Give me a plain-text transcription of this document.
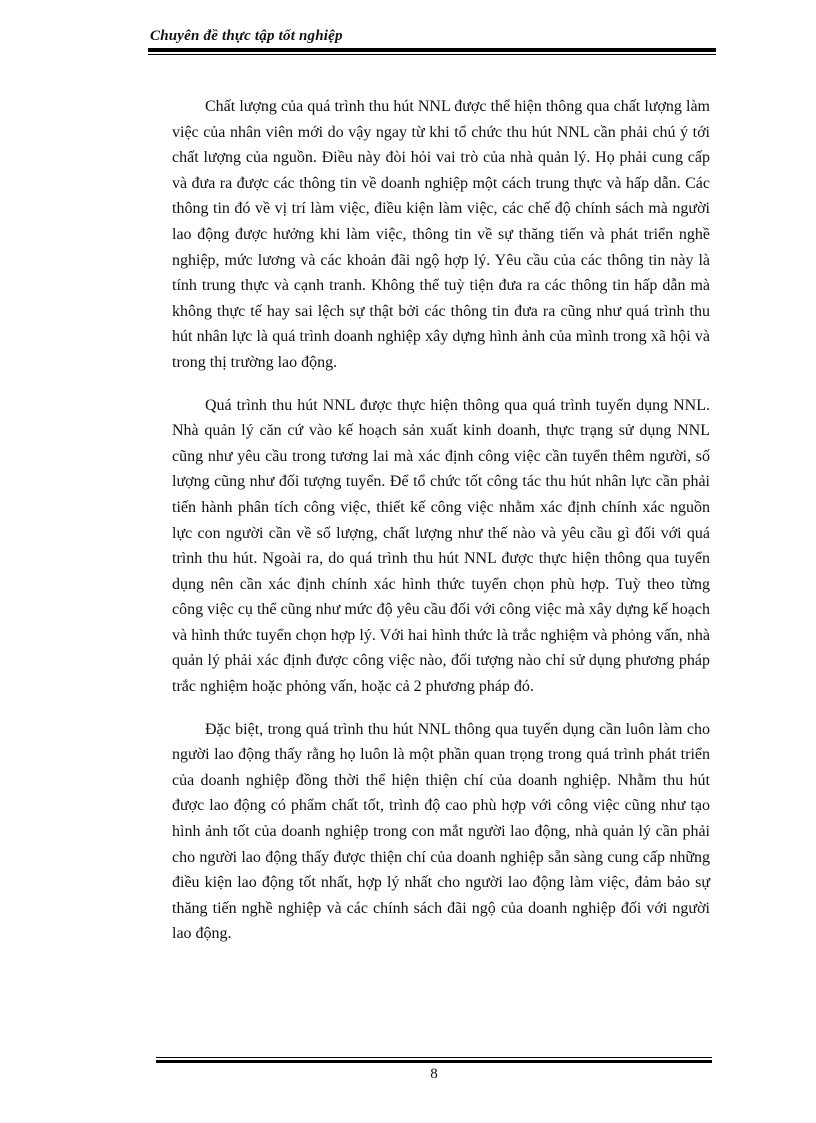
Chuyên đề thực tập tốt nghiệp

Chất lượng của quá trình thu hút NNL được thể hiện thông qua chất lượng làm việc của nhân viên mới do vậy ngay từ khi tổ chức thu hút NNL cần phải chú ý tới chất lượng của nguồn. Điều này đòi hỏi vai trò của nhà quản lý. Họ phải cung cấp và đưa ra được các thông tin về doanh nghiệp một cách trung thực và hấp dẫn. Các thông tin đó về vị trí làm việc, điều kiện làm việc, các chế độ chính sách mà người lao động được hưởng khi làm việc, thông tin về sự thăng tiến và phát triển nghề nghiệp, mức lương và các khoản đãi ngộ hợp lý. Yêu cầu của các thông tin này là tính trung thực và cạnh tranh. Không thể tuỳ tiện đưa ra các thông tin hấp dẫn mà không thực tế hay sai lệch sự thật bởi các thông tin đưa ra cũng như quá trình thu hút nhân lực là quá trình doanh nghiệp xây dựng hình ảnh của mình trong xã hội và trong thị trường lao động.

Quá trình thu hút NNL được thực hiện thông qua quá trình tuyển dụng NNL. Nhà quản lý căn cứ vào kế hoạch sản xuất kinh doanh, thực trạng sử dụng NNL cũng như yêu cầu trong tương lai mà xác định công việc cần tuyển thêm người, số lượng cũng như đối tượng tuyển. Để tổ chức tốt công tác thu hút nhân lực cần phải tiến hành phân tích công việc, thiết kế công việc nhằm xác định chính xác nguồn lực con người cần về số lượng, chất lượng như thế nào và yêu cầu gì đối với quá trình thu hút. Ngoài ra, do quá trình thu hút NNL được thực hiện thông qua tuyển dụng nên cần xác định chính xác hình thức tuyển chọn phù hợp. Tuỳ theo từng công việc cụ thể cũng như mức độ yêu cầu đối với công việc mà xây dựng kế hoạch và hình thức tuyển chọn hợp lý. Với hai hình thức là trắc nghiệm và phỏng vấn, nhà quản lý phải xác định được công việc nào, đối tượng nào chỉ sử dụng phương pháp trắc nghiệm hoặc phỏng vấn, hoặc cả 2 phương pháp đó.

Đặc biệt, trong quá trình thu hút NNL thông qua tuyển dụng cần luôn làm cho người lao động thấy rằng họ luôn là một phần quan trọng trong quá trình phát triển của doanh nghiệp đồng thời thể hiện thiện chí của doanh nghiệp. Nhằm thu hút được lao động có phẩm chất tốt, trình độ cao phù hợp với công việc cũng như tạo hình ảnh tốt của doanh nghiệp trong con mắt người lao động, nhà quản lý cần phải cho người lao động thấy được thiện chí của doanh nghiệp sẵn sàng cung cấp những điều kiện lao động tốt nhất, hợp lý nhất cho người lao động làm việc, đảm bảo sự thăng tiến nghề nghiệp và các chính sách đãi ngộ của doanh nghiệp đối với người lao động.

8
